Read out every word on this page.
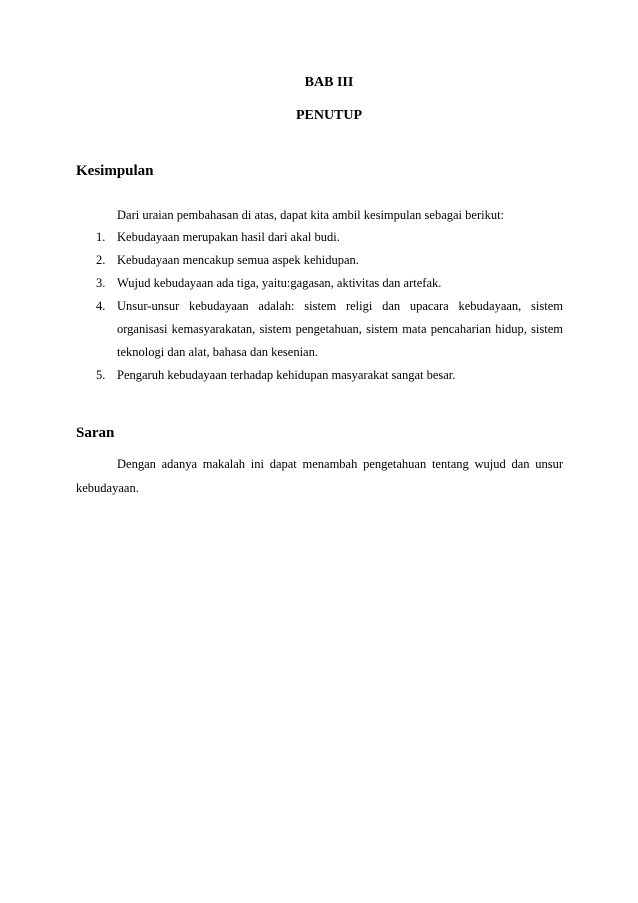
BAB III
PENUTUP
Kesimpulan
Dari uraian pembahasan di atas, dapat kita ambil kesimpulan sebagai berikut:
1. Kebudayaan merupakan hasil dari akal budi.
2. Kebudayaan mencakup semua aspek kehidupan.
3. Wujud kebudayaan ada tiga, yaitu:gagasan, aktivitas dan artefak.
4. Unsur-unsur kebudayaan adalah: sistem religi dan upacara kebudayaan, sistem organisasi kemasyarakatan, sistem pengetahuan, sistem mata pencaharian hidup, sistem teknologi dan alat, bahasa dan kesenian.
5. Pengaruh kebudayaan terhadap kehidupan masyarakat sangat besar.
Saran

Dengan adanya makalah ini dapat menambah pengetahuan tentang wujud dan unsur kebudayaan.
